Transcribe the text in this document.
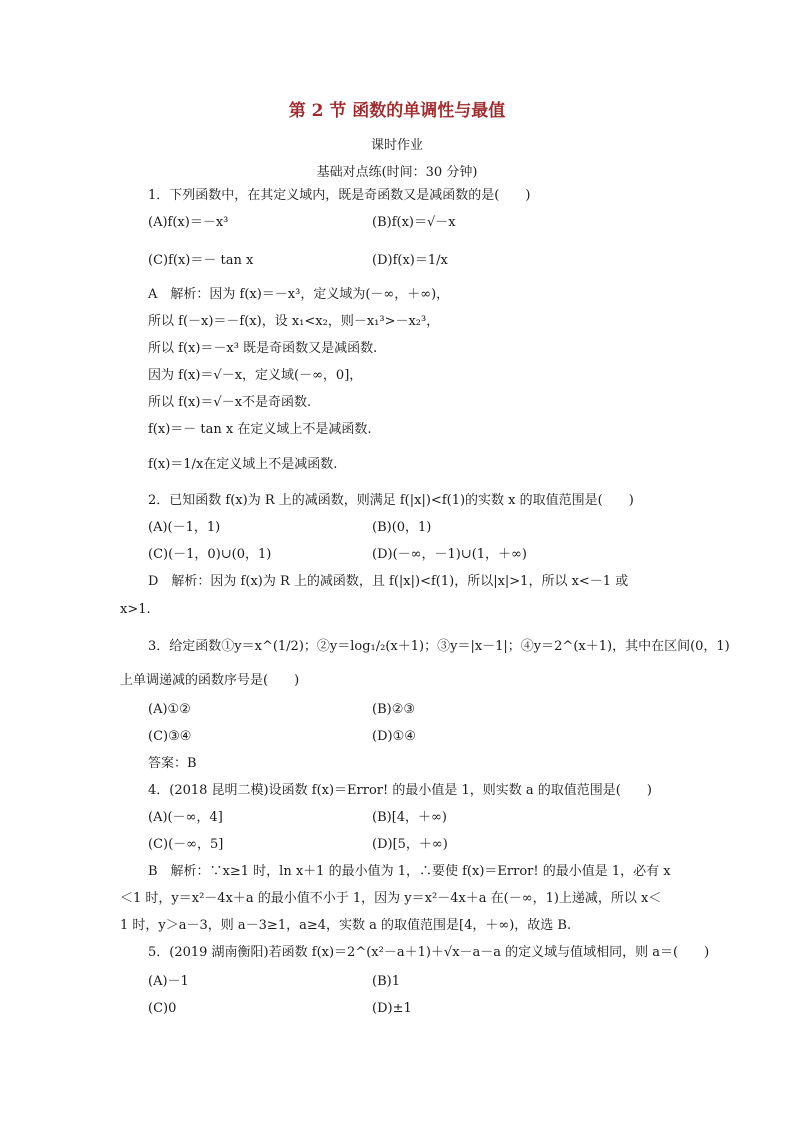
第 2 节 函数的单调性与最值
课时作业
基础对点练(时间：30 分钟)
1．下列函数中，在其定义域内，既是奇函数又是减函数的是(　　)
(A)f(x)＝－x³	(B)f(x)＝√－x
(C)f(x)＝－ tan x	(D)f(x)＝1/x
A　解析：因为 f(x)＝－x³，定义域为(－∞，＋∞)，
所以 f(－x)＝－f(x)，设 x₁<x₂，则－x₁³>－x₂³，
所以 f(x)＝－x³ 既是奇函数又是减函数.
因为 f(x)＝√－x，定义域(－∞，0]，
所以 f(x)＝√－x不是奇函数.
f(x)＝－ tan x 在定义域上不是减函数.
f(x)＝1/x在定义域上不是减函数.
2．已知函数 f(x)为 R 上的减函数，则满足 f(|x|)<f(1)的实数 x 的取值范围是(　　)
(A)(－1，1)	(B)(0，1)
(C)(－1，0)∪(0，1)	(D)(－∞，－1)∪(1，＋∞)
D　解析：因为 f(x)为 R 上的减函数，且 f(|x|)<f(1)，所以|x|>1，所以 x<－1 或
x>1.
3．给定函数①y＝x^(1/2)；②y＝log₁/₂(x＋1)；③y＝|x－1|；④y＝2^(x＋1)，其中在区间(0，1)
上单调递减的函数序号是(　　)
(A)①②	(B)②③
(C)③④	(D)①④
答案：B
4．(2018 昆明二模)设函数 f(x)＝Error! 的最小值是 1，则实数 a 的取值范围是(　　)
(A)(－∞，4]	(B)[4，＋∞)
(C)(－∞，5]	(D)[5，＋∞)
B　解析：∵x≥1 时，ln x＋1 的最小值为 1，∴要使 f(x)＝Error! 的最小值是 1，必有 x
＜1 时，y＝x²－4x＋a 的最小值不小于 1，因为 y＝x²－4x＋a 在(－∞，1)上递减，所以 x＜
1 时，y＞a－3，则 a－3≥1，a≥4，实数 a 的取值范围是[4，＋∞)，故选 B.
5．(2019 湖南衡阳)若函数 f(x)＝2^(x²－a＋1)＋√x－a－a 的定义域与值域相同，则 a＝(　　)
(A)－1	(B)1
(C)0	(D)±1
